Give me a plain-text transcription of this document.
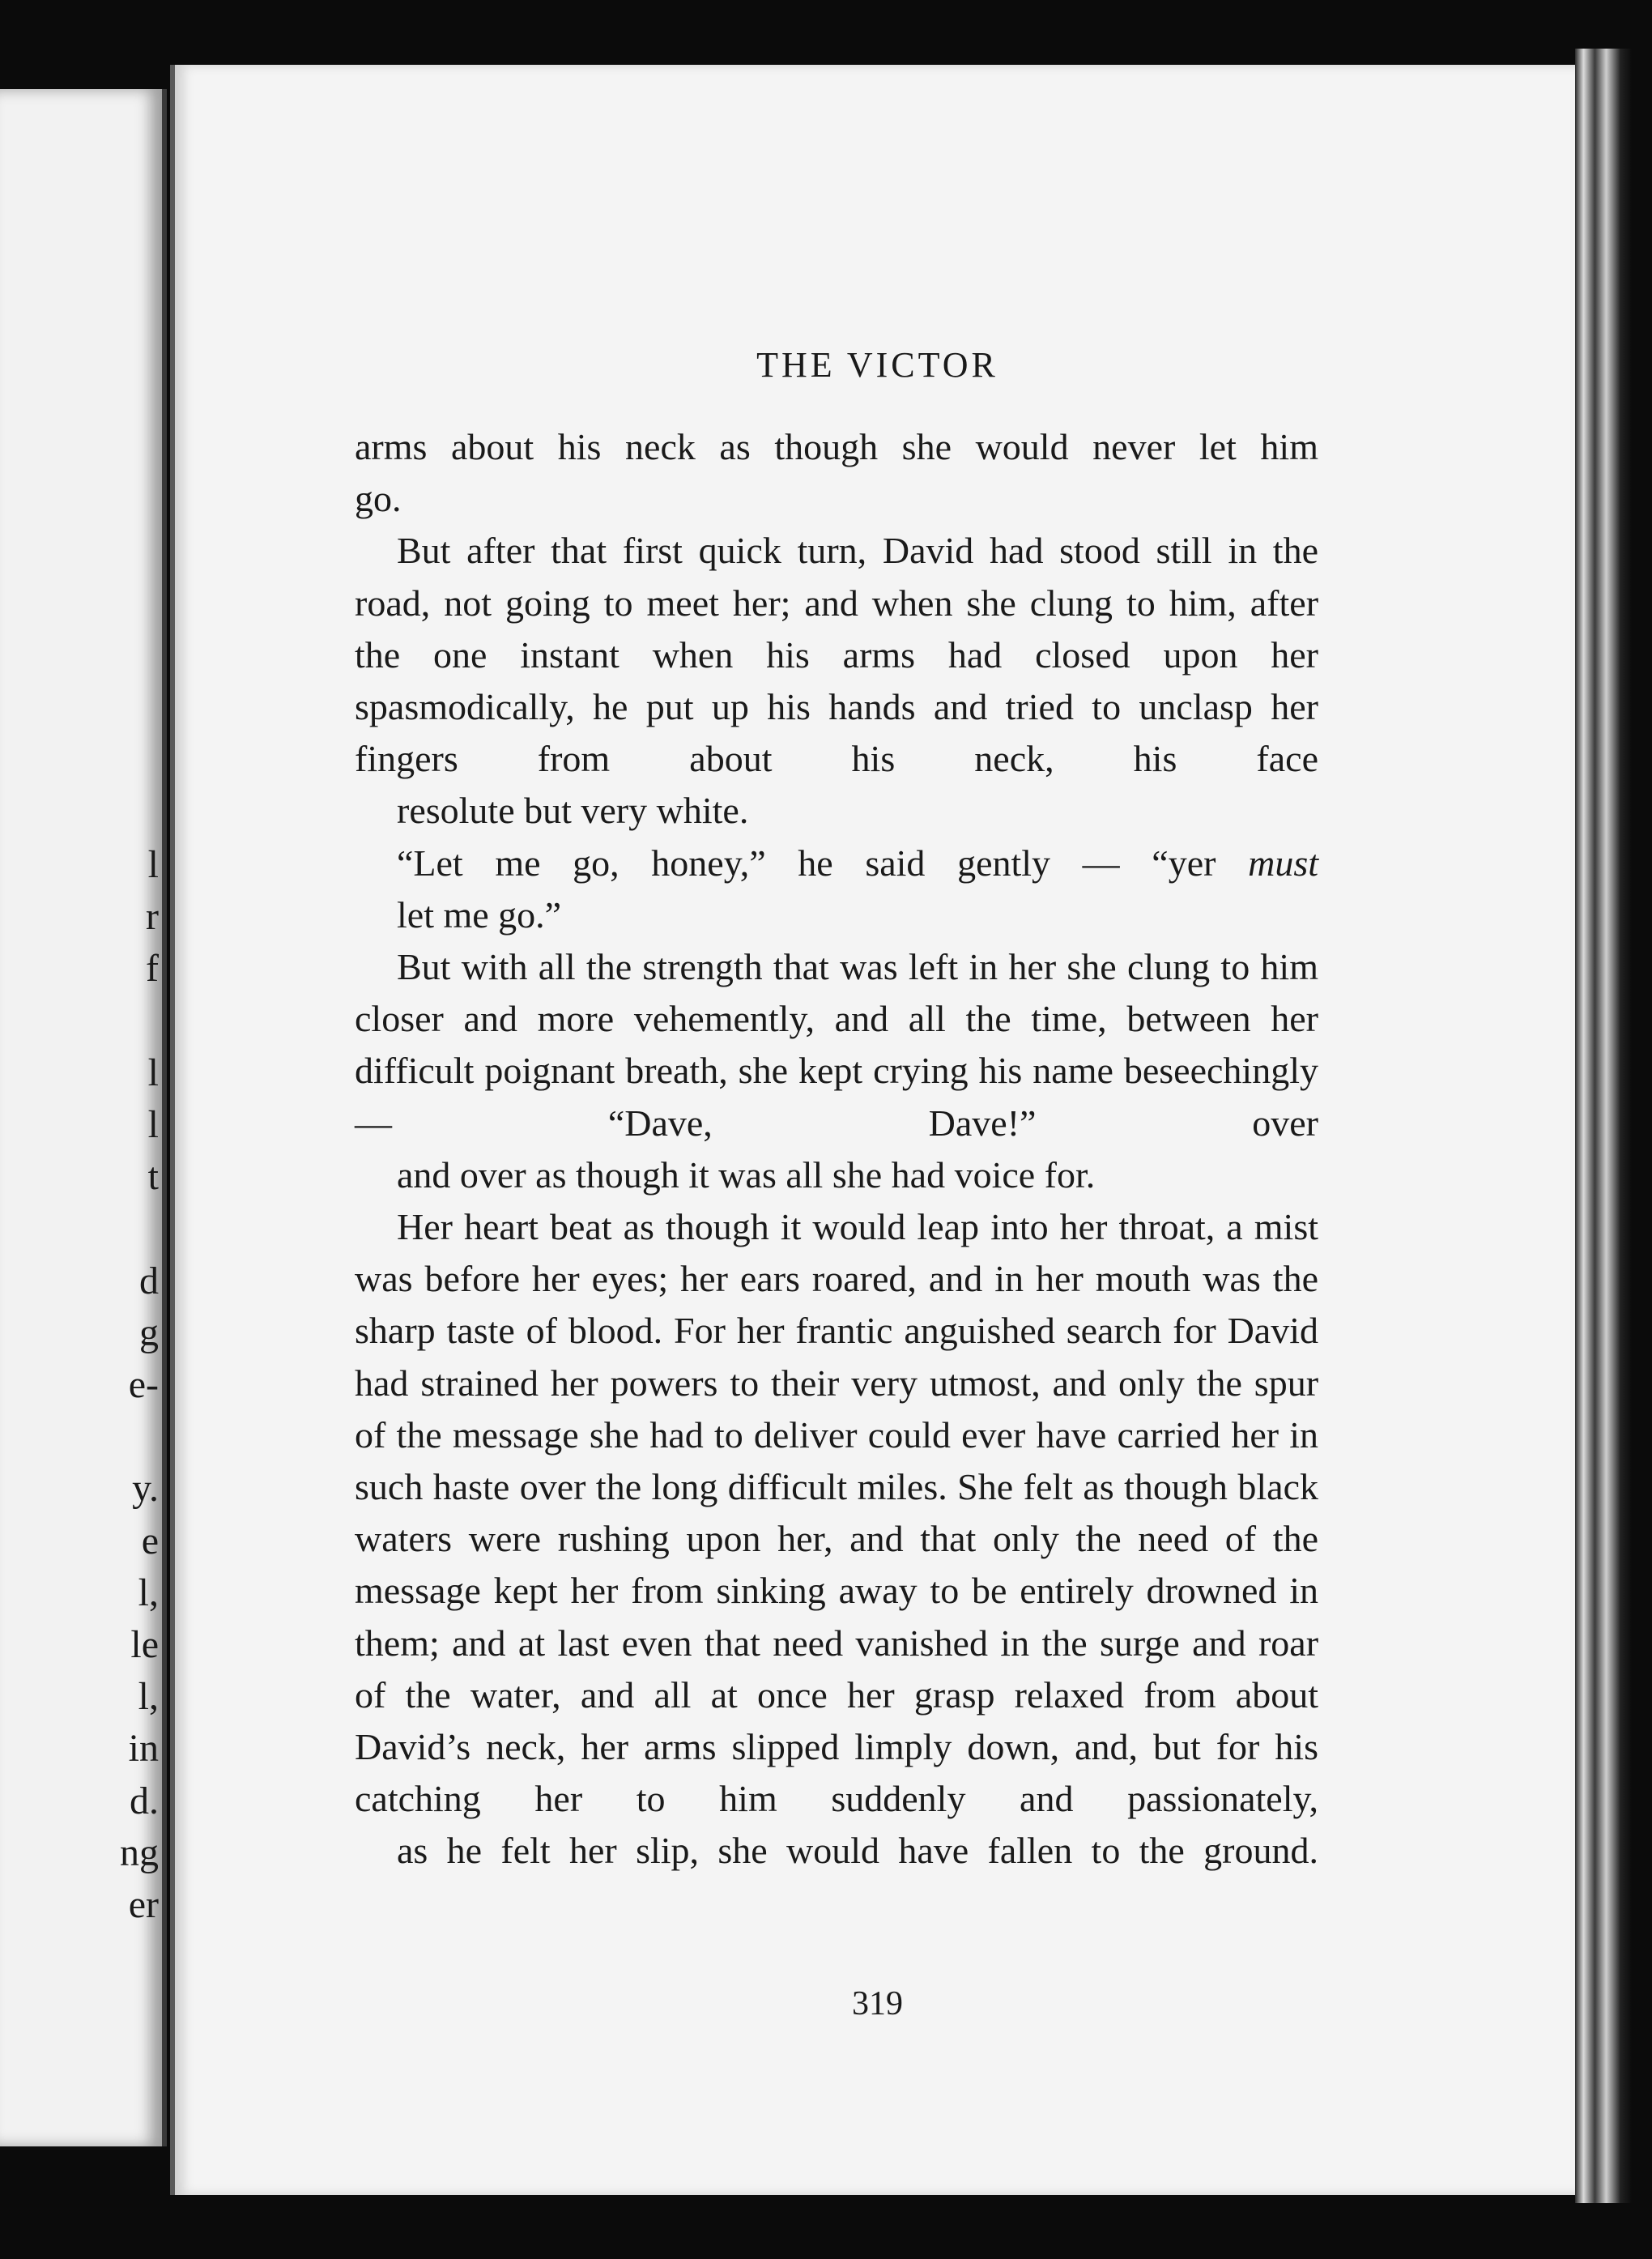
l
r
f
l
l
t
d
g
e-
y.
e
l,
le
l,
in
d.
ng
er
THE VICTOR

arms about his neck as though she would never let him
go.

But after that first quick turn, David had stood still in the road, not going to meet her; and when she clung to him, after the one instant when his arms had closed upon her spasmodically, he put up his hands and tried to unclasp her fingers from about his neck, his face
resolute but very white.

“Let me go, honey,” he said gently — “yer must
let me go.”

But with all the strength that was left in her she clung to him closer and more vehemently, and all the time, between her difficult poignant breath, she kept crying his name beseechingly — “Dave, Dave!” over
and over as though it was all she had voice for.

Her heart beat as though it would leap into her throat, a mist was before her eyes; her ears roared, and in her mouth was the sharp taste of blood. For her frantic anguished search for David had strained her powers to their very utmost, and only the spur of the message she had to deliver could ever have carried her in such haste over the long difficult miles. She felt as though black waters were rushing upon her, and that only the need of the message kept her from sinking away to be entirely drowned in them; and at last even that need vanished in the surge and roar of the water, and all at once her grasp relaxed from about David’s neck, her arms slipped limply down, and, but for his catching her to him suddenly and passionately,
as he felt her slip, she would have fallen to the ground.

319
